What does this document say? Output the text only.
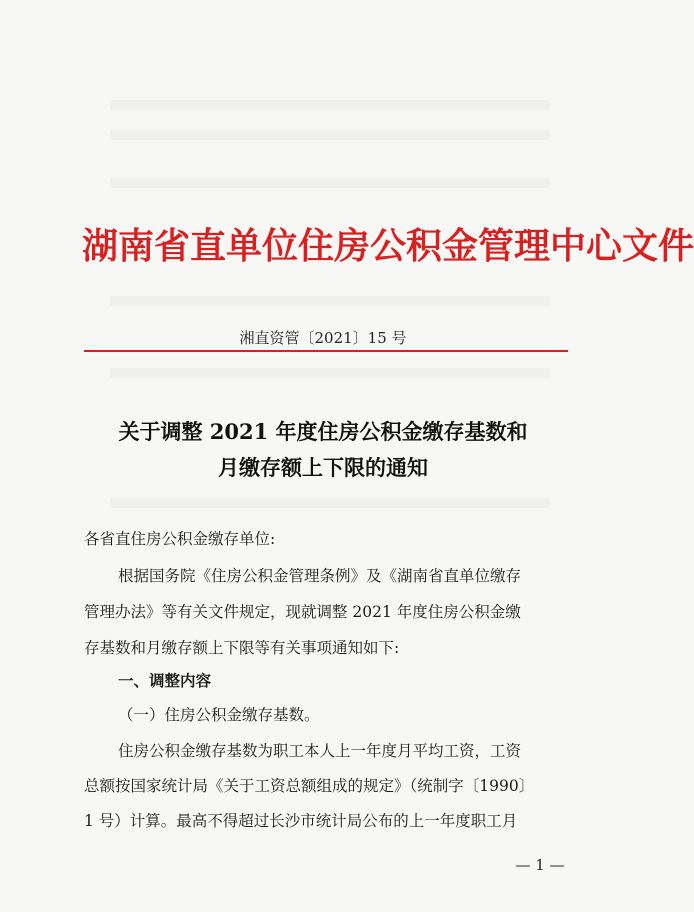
湖南省直单位住房公积金管理中心文件
湘直资管〔2021〕15 号
关于调整 2021 年度住房公积金缴存基数和
月缴存额上下限的通知
各省直住房公积金缴存单位:
根据国务院《住房公积金管理条例》及《湖南省直单位缴存
管理办法》等有关文件规定，现就调整 2021 年度住房公积金缴
存基数和月缴存额上下限等有关事项通知如下:
一、调整内容
（一）住房公积金缴存基数。
住房公积金缴存基数为职工本人上一年度月平均工资，工资
总额按国家统计局《关于工资总额组成的规定》（统制字〔1990〕
1 号）计算。最高不得超过长沙市统计局公布的上一年度职工月
— 1 —
